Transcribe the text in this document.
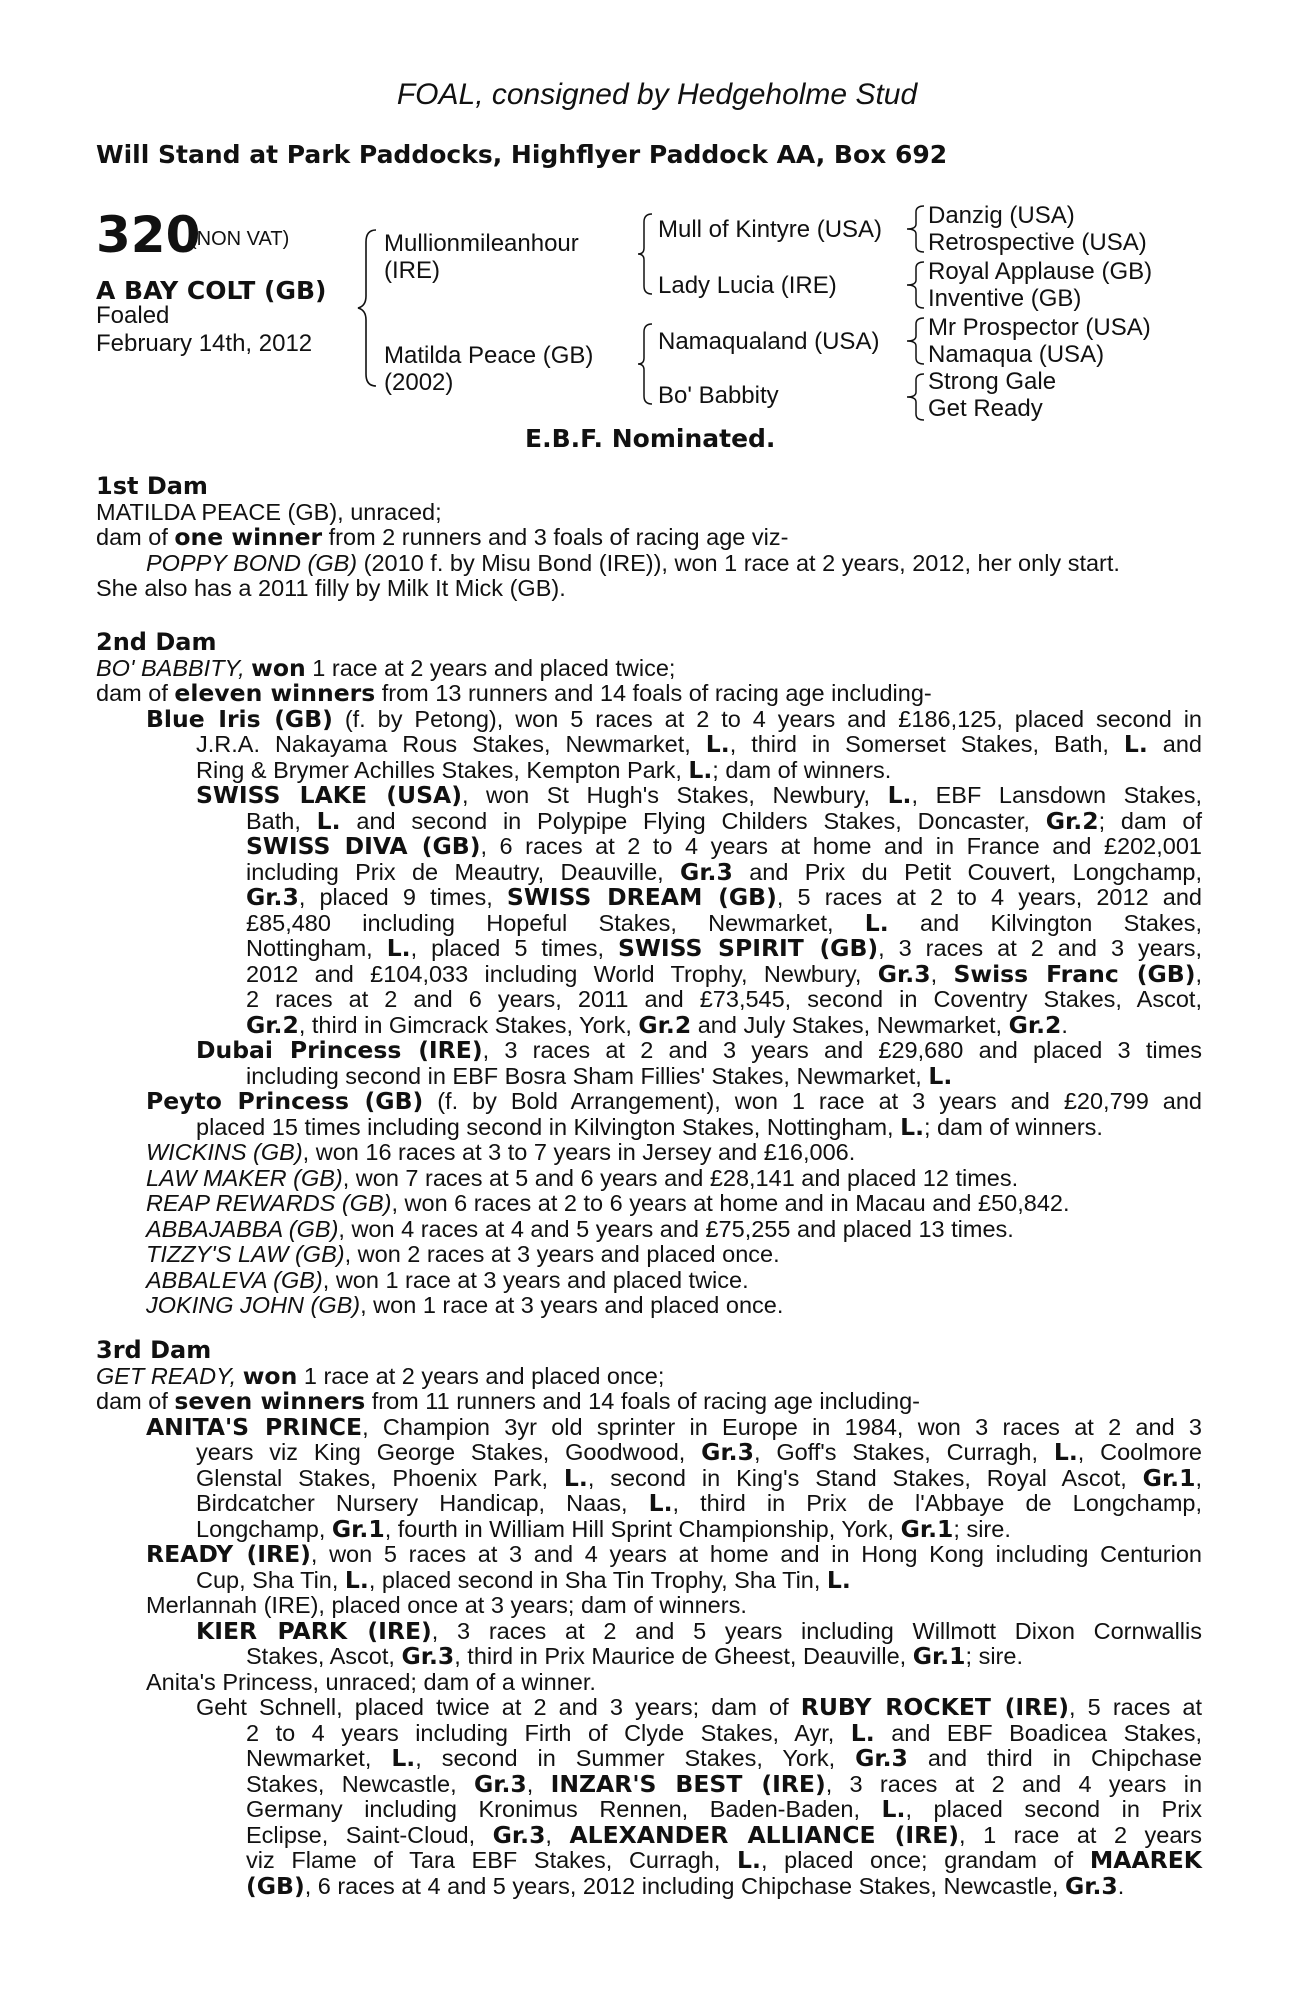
FOAL, consigned by Hedgeholme Stud
Will Stand at Park Paddocks, Highflyer Paddock AA, Box 692
320
(NON VAT)
A BAY COLT (GB)
Foaled
February 14th, 2012
Mullionmileanhour
(IRE)
Matilda Peace (GB)
(2002)
Mull of Kintyre (USA)
Lady Lucia (IRE)
Namaqualand (USA)
Bo' Babbity
Danzig (USA)
Retrospective (USA)
Royal Applause (GB)
Inventive (GB)
Mr Prospector (USA)
Namaqua (USA)
Strong Gale
Get Ready
E.B.F. Nominated.
1st Dam
MATILDA PEACE (GB), unraced;
dam of one winner from 2 runners and 3 foals of racing age viz-
POPPY BOND (GB) (2010 f. by Misu Bond (IRE)), won 1 race at 2 years, 2012, her only start.
She also has a 2011 filly by Milk It Mick (GB).
2nd Dam
BO' BABBITY, won 1 race at 2 years and placed twice;
dam of eleven winners from 13 runners and 14 foals of racing age including-
Blue Iris (GB) (f. by Petong), won 5 races at 2 to 4 years and £186,125, placed second in
J.R.A. Nakayama Rous Stakes, Newmarket, L., third in Somerset Stakes, Bath, L. and
Ring & Brymer Achilles Stakes, Kempton Park, L.; dam of winners.
SWISS LAKE (USA), won St Hugh's Stakes, Newbury, L., EBF Lansdown Stakes,
Bath, L. and second in Polypipe Flying Childers Stakes, Doncaster, Gr.2; dam of
SWISS DIVA (GB), 6 races at 2 to 4 years at home and in France and £202,001
including Prix de Meautry, Deauville, Gr.3 and Prix du Petit Couvert, Longchamp,
Gr.3, placed 9 times, SWISS DREAM (GB), 5 races at 2 to 4 years, 2012 and
£85,480 including Hopeful Stakes, Newmarket, L. and Kilvington Stakes,
Nottingham, L., placed 5 times, SWISS SPIRIT (GB), 3 races at 2 and 3 years,
2012 and £104,033 including World Trophy, Newbury, Gr.3, Swiss Franc (GB),
2 races at 2 and 6 years, 2011 and £73,545, second in Coventry Stakes, Ascot,
Gr.2, third in Gimcrack Stakes, York, Gr.2 and July Stakes, Newmarket, Gr.2.
Dubai Princess (IRE), 3 races at 2 and 3 years and £29,680 and placed 3 times
including second in EBF Bosra Sham Fillies' Stakes, Newmarket, L.
Peyto Princess (GB) (f. by Bold Arrangement), won 1 race at 3 years and £20,799 and
placed 15 times including second in Kilvington Stakes, Nottingham, L.; dam of winners.
WICKINS (GB), won 16 races at 3 to 7 years in Jersey and £16,006.
LAW MAKER (GB), won 7 races at 5 and 6 years and £28,141 and placed 12 times.
REAP REWARDS (GB), won 6 races at 2 to 6 years at home and in Macau and £50,842.
ABBAJABBA (GB), won 4 races at 4 and 5 years and £75,255 and placed 13 times.
TIZZY'S LAW (GB), won 2 races at 3 years and placed once.
ABBALEVA (GB), won 1 race at 3 years and placed twice.
JOKING JOHN (GB), won 1 race at 3 years and placed once.
3rd Dam
GET READY, won 1 race at 2 years and placed once;
dam of seven winners from 11 runners and 14 foals of racing age including-
ANITA'S PRINCE, Champion 3yr old sprinter in Europe in 1984, won 3 races at 2 and 3
years viz King George Stakes, Goodwood, Gr.3, Goff's Stakes, Curragh, L., Coolmore
Glenstal Stakes, Phoenix Park, L., second in King's Stand Stakes, Royal Ascot, Gr.1,
Birdcatcher Nursery Handicap, Naas, L., third in Prix de l'Abbaye de Longchamp,
Longchamp, Gr.1, fourth in William Hill Sprint Championship, York, Gr.1; sire.
READY (IRE), won 5 races at 3 and 4 years at home and in Hong Kong including Centurion
Cup, Sha Tin, L., placed second in Sha Tin Trophy, Sha Tin, L.
Merlannah (IRE), placed once at 3 years; dam of winners.
KIER PARK (IRE), 3 races at 2 and 5 years including Willmott Dixon Cornwallis
Stakes, Ascot, Gr.3, third in Prix Maurice de Gheest, Deauville, Gr.1; sire.
Anita's Princess, unraced; dam of a winner.
Geht Schnell, placed twice at 2 and 3 years; dam of RUBY ROCKET (IRE), 5 races at
2 to 4 years including Firth of Clyde Stakes, Ayr, L. and EBF Boadicea Stakes,
Newmarket, L., second in Summer Stakes, York, Gr.3 and third in Chipchase
Stakes, Newcastle, Gr.3, INZAR'S BEST (IRE), 3 races at 2 and 4 years in
Germany including Kronimus Rennen, Baden-Baden, L., placed second in Prix
Eclipse, Saint-Cloud, Gr.3, ALEXANDER ALLIANCE (IRE), 1 race at 2 years
viz Flame of Tara EBF Stakes, Curragh, L., placed once; grandam of MAAREK
(GB), 6 races at 4 and 5 years, 2012 including Chipchase Stakes, Newcastle, Gr.3.
